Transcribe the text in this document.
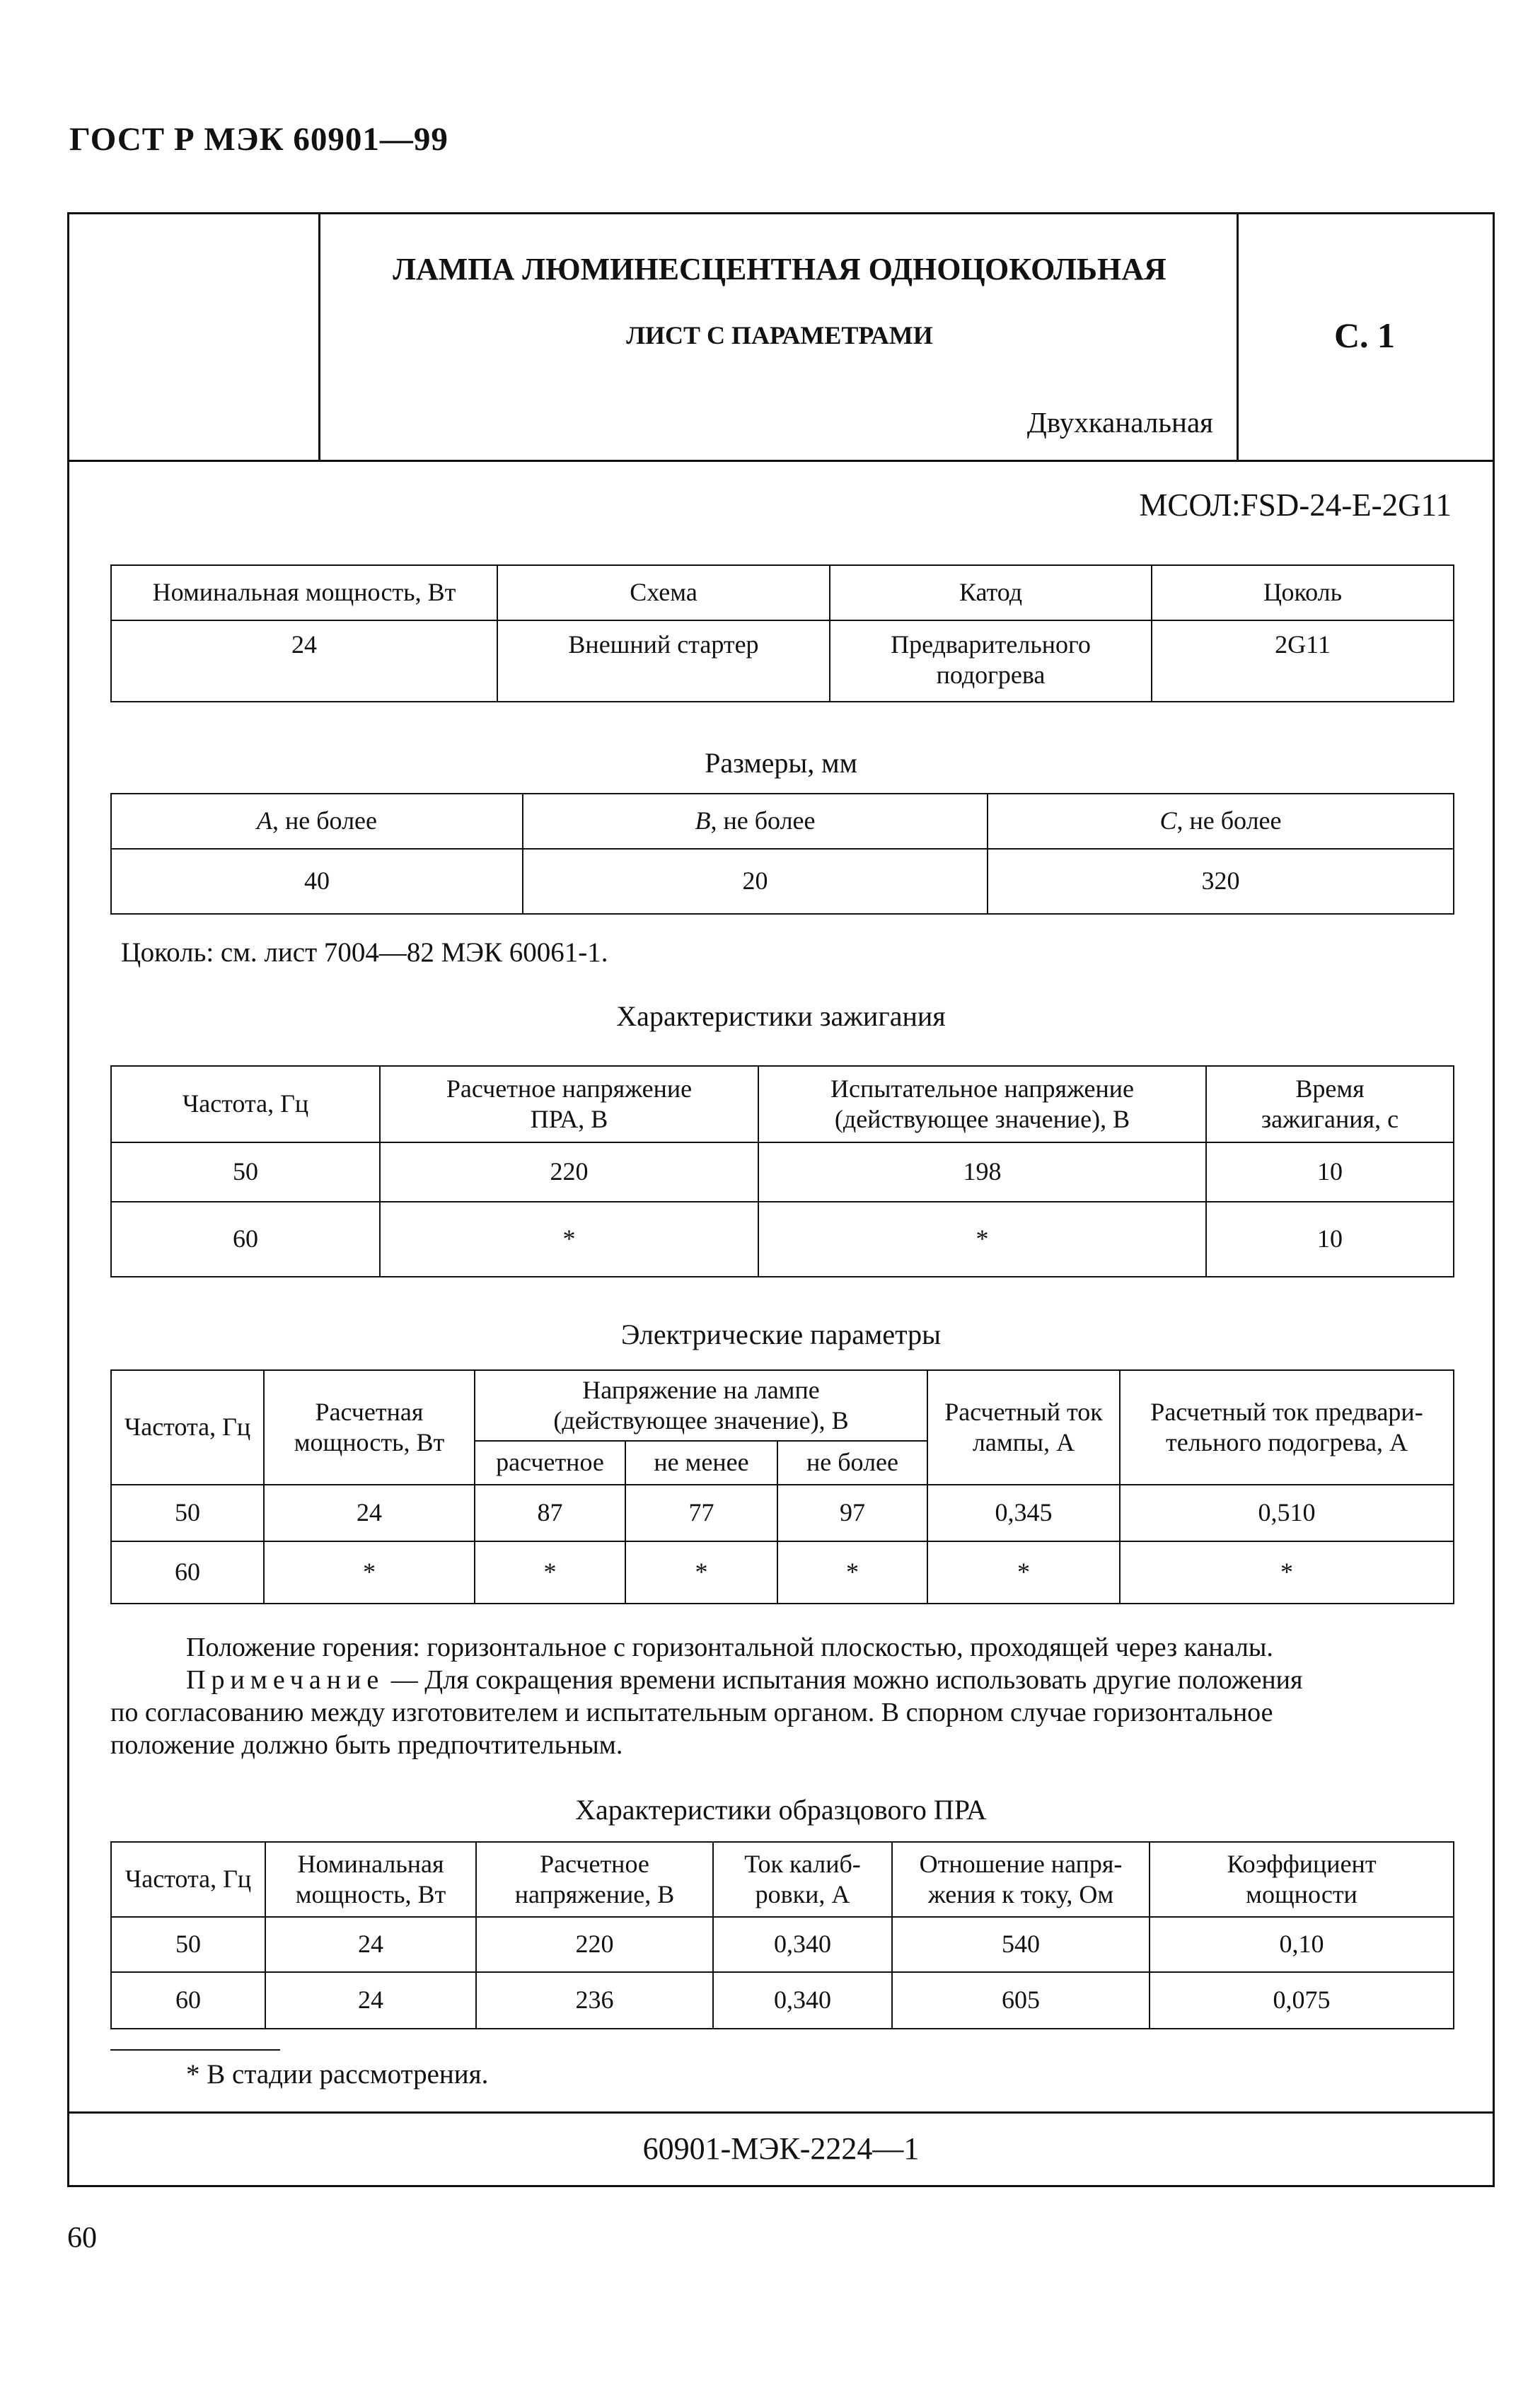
ГОСТ Р МЭК 60901—99
ЛАМПА ЛЮМИНЕСЦЕНТНАЯ ОДНОЦОКОЛЬНАЯ
ЛИСТ С ПАРАМЕТРАМИ
Двухканальная
С. 1
МСОЛ:FSD-24-E-2G11
Номинальная мощность, Вт	Схема	Катод	Цоколь
24	Внешний стартер	Предварительного подогрева	2G11
Размеры, мм
A, не более	B, не более	C, не более
40	20	320
Цоколь: см. лист 7004—82 МЭК 60061-1.
Характеристики зажигания
Частота, Гц	Расчетное напряжение ПРА, В	Испытательное напряжение (действующее значение), В	Время зажигания, с
50	220	198	10
60	*	*	10
Электрические параметры
Частота, Гц	Расчетная мощность, Вт	Напряжение на лампе (действующее значение), В			Расчетный ток лампы, А	Расчетный ток предвари-тельного подогрева, А
		расчетное	не менее	не более		
50	24	87	77	97	0,345	0,510
60	*	*	*	*	*	*
Положение горения: горизонтальное с горизонтальной плоскостью, проходящей через каналы.
Примечание — Для сокращения времени испытания можно использовать другие положения
по согласованию между изготовителем и испытательным органом. В спорном случае горизонтальное
положение должно быть предпочтительным.
Характеристики образцового ПРА
Частота, Гц	Номинальная мощность, Вт	Расчетное напряжение, В	Ток калиб-ровки, А	Отношение напря-жения к току, Ом	Коэффициент мощности
50	24	220	0,340	540	0,10
60	24	236	0,340	605	0,075
* В стадии рассмотрения.
60901-МЭК-2224—1
60
